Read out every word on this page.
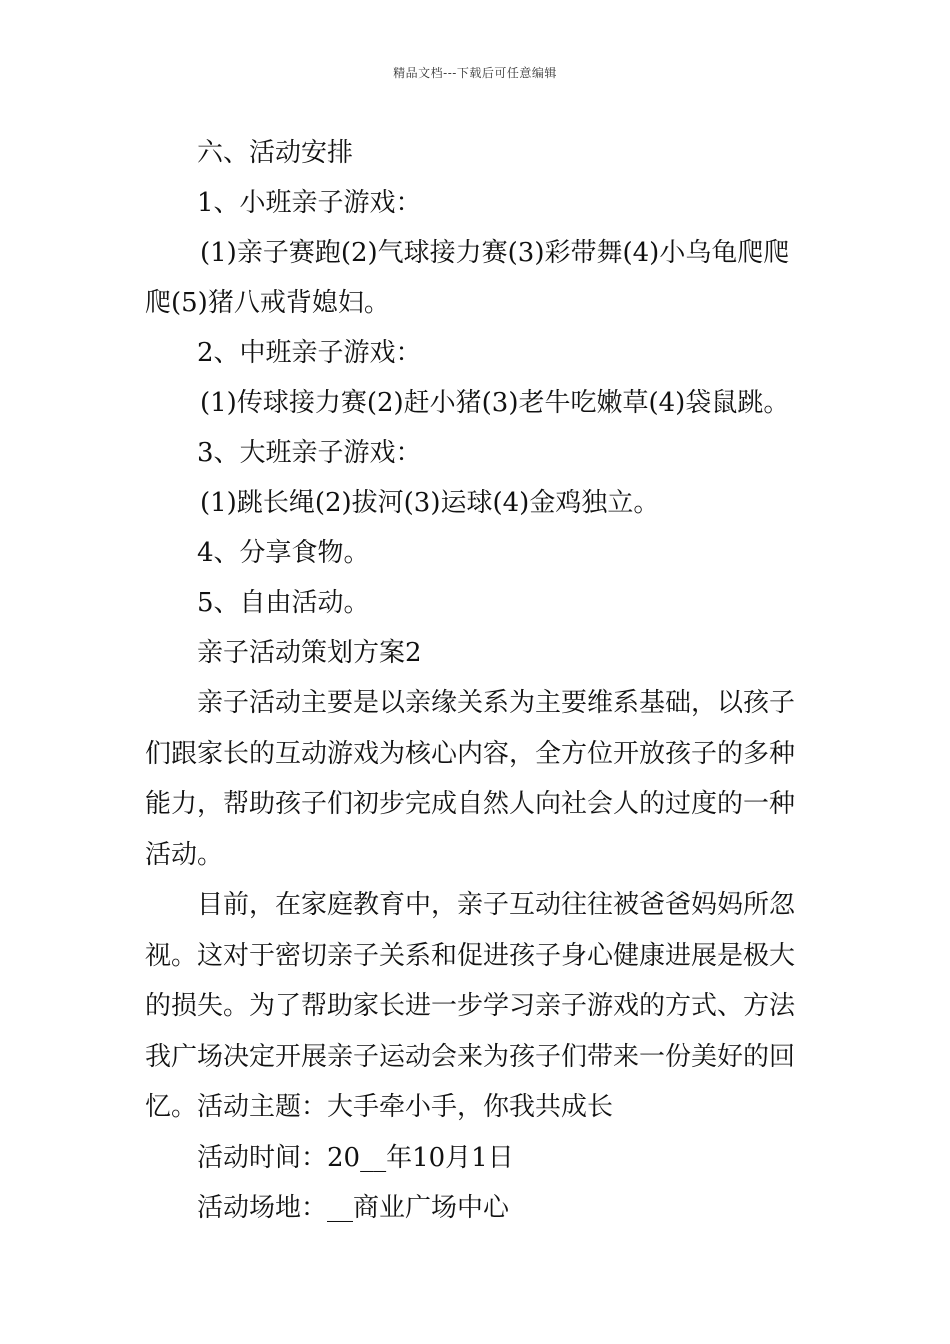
精品文档---下载后可任意编辑
六、活动安排
1、小班亲子游戏：
(1)亲子赛跑(2)气球接力赛(3)彩带舞(4)小乌龟爬爬
爬(5)猪八戒背媳妇。
2、中班亲子游戏：
(1)传球接力赛(2)赶小猪(3)老牛吃嫩草(4)袋鼠跳。
3、大班亲子游戏：
(1)跳长绳(2)拔河(3)运球(4)金鸡独立。
4、分享食物。
5、自由活动。
亲子活动策划方案2
亲子活动主要是以亲缘关系为主要维系基础，以孩子
们跟家长的互动游戏为核心内容，全方位开放孩子的多种
能力，帮助孩子们初步完成自然人向社会人的过度的一种
活动。
目前，在家庭教育中，亲子互动往往被爸爸妈妈所忽
视。这对于密切亲子关系和促进孩子身心健康进展是极大
的损失。为了帮助家长进一步学习亲子游戏的方式、方法
我广场决定开展亲子运动会来为孩子们带来一份美好的回
忆。活动主题：大手牵小手，你我共成长
活动时间：20__年10月1日
活动场地：__商业广场中心
